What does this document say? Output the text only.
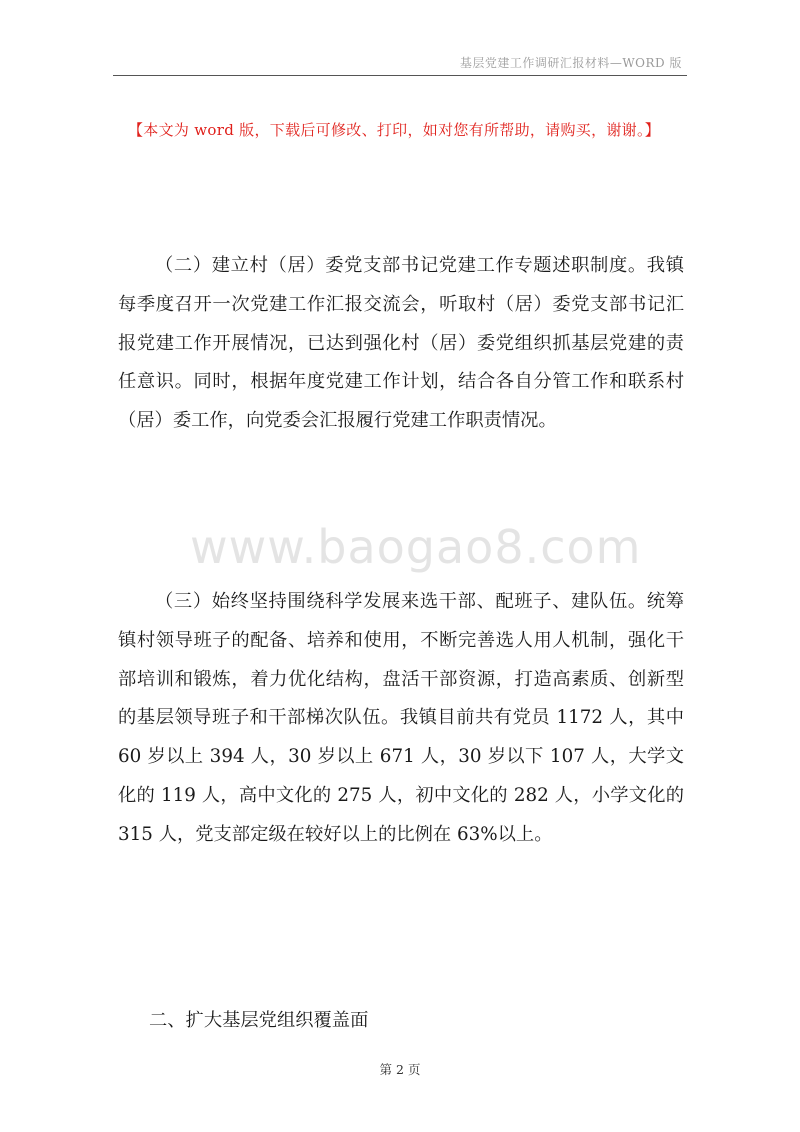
基层党建工作调研汇报材料—WORD 版
【本文为 word 版，下载后可修改、打印，如对您有所帮助，请购买，谢谢。】

（二）建立村（居）委党支部书记党建工作专题述职制度。我镇每季度召开一次党建工作汇报交流会，听取村（居）委党支部书记汇报党建工作开展情况，已达到强化村（居）委党组织抓基层党建的责任意识。同时，根据年度党建工作计划，结合各自分管工作和联系村（居）委工作，向党委会汇报履行党建工作职责情况。

www.baogao8.com

（三）始终坚持围绕科学发展来选干部、配班子、建队伍。统筹镇村领导班子的配备、培养和使用，不断完善选人用人机制，强化干部培训和锻炼，着力优化结构，盘活干部资源，打造高素质、创新型的基层领导班子和干部梯次队伍。我镇目前共有党员 1172 人，其中 60 岁以上 394 人，30 岁以上 671 人，30 岁以下 107 人，大学文化的 119 人，高中文化的 275 人，初中文化的 282 人，小学文化的 315 人，党支部定级在较好以上的比例在 63%以上。

二、扩大基层党组织覆盖面
第 2 页
